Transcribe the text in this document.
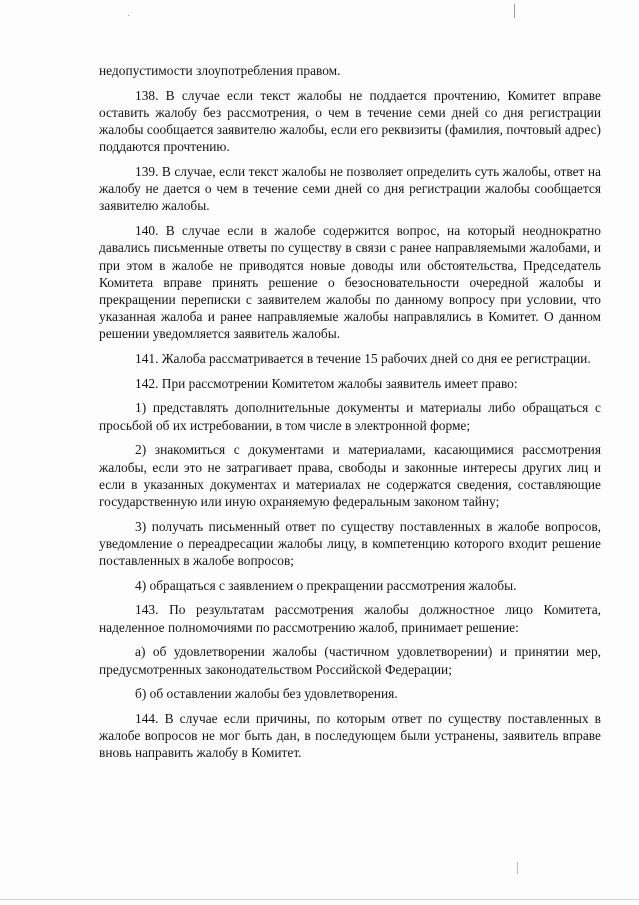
недопустимости злоупотребления правом.

138. В случае если текст жалобы не поддается прочтению, Комитет вправе оставить жалобу без рассмотрения, о чем в течение семи дней со дня регистрации жалобы сообщается заявителю жалобы, если его реквизиты (фамилия, почтовый адрес) поддаются прочтению.

139. В случае, если текст жалобы не позволяет определить суть жалобы, ответ на жалобу не дается о чем в течение семи дней со дня регистрации жалобы сообщается заявителю жалобы.

140. В случае если в жалобе содержится вопрос, на который неоднократно давались письменные ответы по существу в связи с ранее направляемыми жалобами, и при этом в жалобе не приводятся новые доводы или обстоятельства, Председатель Комитета вправе принять решение о безосновательности очередной жалобы и прекращении переписки с заявителем жалобы по данному вопросу при условии, что указанная жалоба и ранее направляемые жалобы направлялись в Комитет. О данном решении уведомляется заявитель жалобы.

141. Жалоба рассматривается в течение 15 рабочих дней со дня ее регистрации.

142. При рассмотрении Комитетом жалобы заявитель имеет право:

1) представлять дополнительные документы и материалы либо обращаться с просьбой об их истребовании, в том числе в электронной форме;

2) знакомиться с документами и материалами, касающимися рассмотрения жалобы, если это не затрагивает права, свободы и законные интересы других лиц и если в указанных документах и материалах не содержатся сведения, составляющие государственную или иную охраняемую федеральным законом тайну;

3) получать письменный ответ по существу поставленных в жалобе вопросов, уведомление о переадресации жалобы лицу, в компетенцию которого входит решение поставленных в жалобе вопросов;

4) обращаться с заявлением о прекращении рассмотрения жалобы.

143. По результатам рассмотрения жалобы должностное лицо Комитета, наделенное полномочиями по рассмотрению жалоб, принимает решение:

а) об удовлетворении жалобы (частичном удовлетворении) и принятии мер, предусмотренных законодательством Российской Федерации;

б) об оставлении жалобы без удовлетворения.

144. В случае если причины, по которым ответ по существу поставленных в жалобе вопросов не мог быть дан, в последующем были устранены, заявитель вправе вновь направить жалобу в Комитет.
